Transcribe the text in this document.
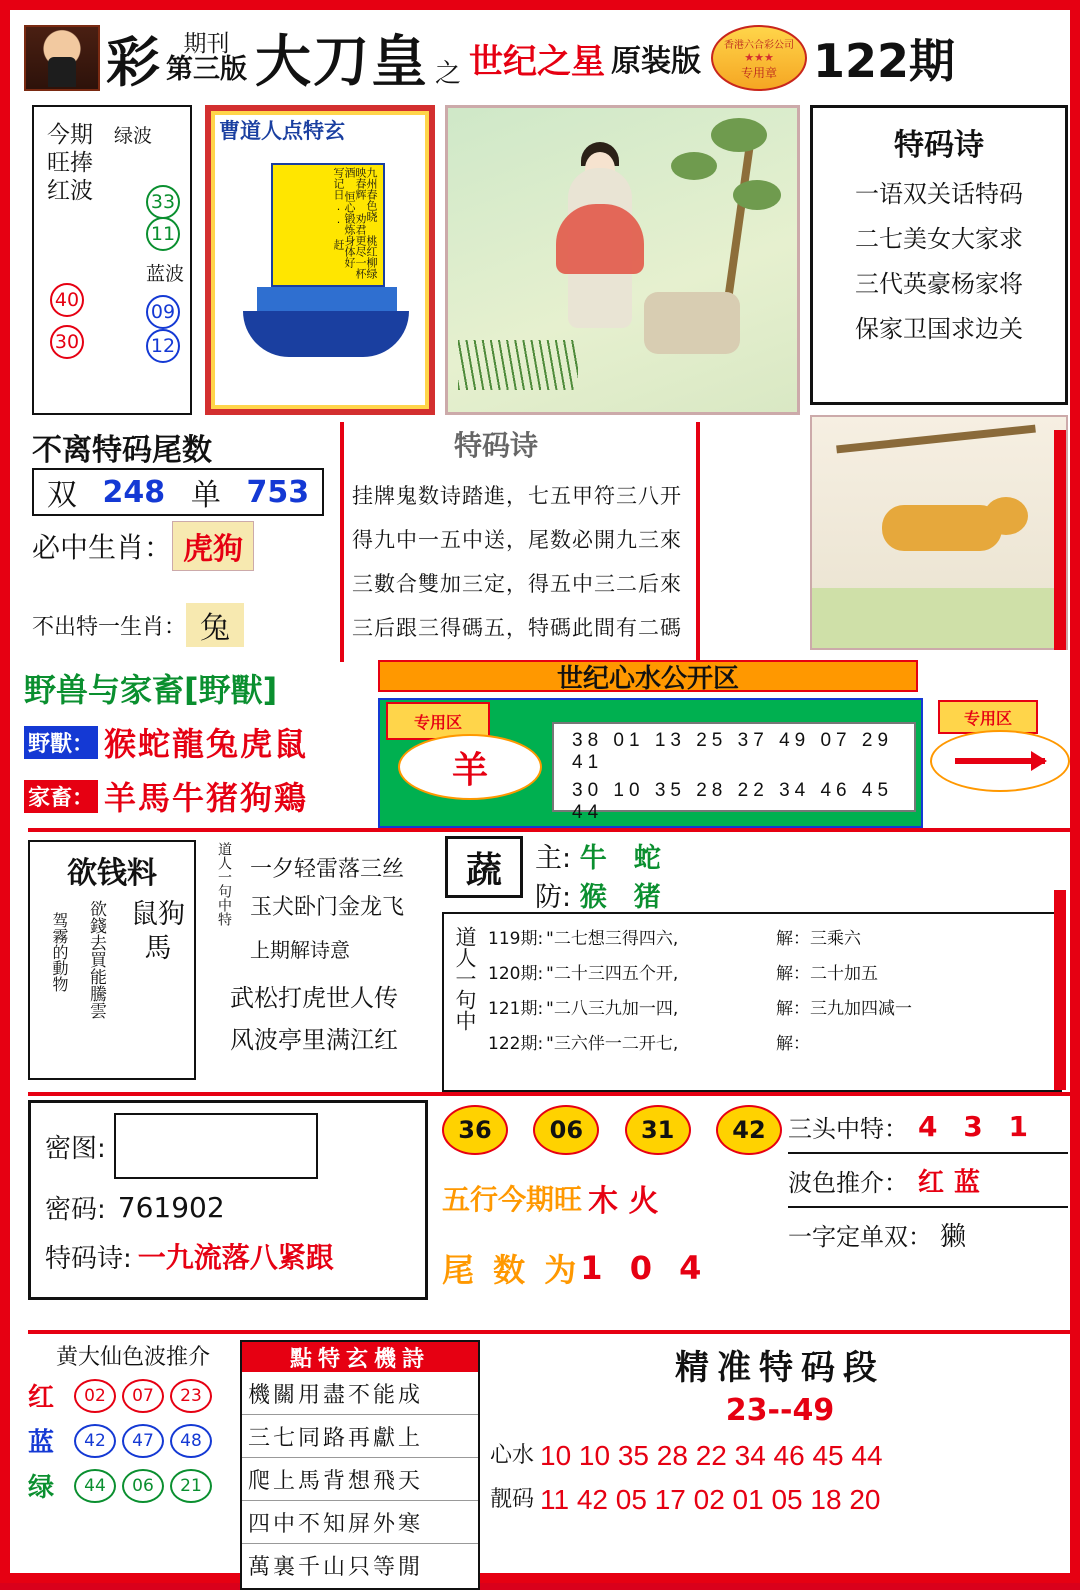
彩	期刊
第三版 大刀皇 之 世纪之星 原装版 香港六合彩公司
★★★
专用章 122期
今期旺捧红波
绿波
33
11
蓝波
09
12
40
30
曹道人点特玄
九州春色晓 桃红柳绿映春辉 劝君更尽一杯酒 恒心锻炼身体好 写记日.. 赶
特码诗

一语双关话特码

二七美女大家求

三代英豪杨家将

保家卫国求边关

不离特码尾数
双 248 单 753
必中生肖： 虎狗
不出特一生肖： 兔
特码诗
挂牌鬼数诗踏進，七五甲符三八开
得九中一五中送，尾数必開九三來
三數合雙加三定，得五中三二后來
三后跟三得碼五，特碼此間有二碼
野兽与家畜[野獸]
野獸： 猴蛇龍兔虎鼠
家畜： 羊馬牛猪狗鶏
世纪心水公开区
专用区
羊
38 01 13 25 37 49 07 29 41
30 10 35 28 22 34 46 45 44
专用区
欲钱料
驾霧的動物 欲錢去買能騰雲 鼠狗馬
道人一句中特 一夕轻雷落三丝
玉犬卧门金龙飞
上期解诗意
武松打虎世人传
风波亭里满江红
蔬 主: 牛　蛇
防: 猴　猪
道人一句中 119期: "二七想三得四六,	解：三乘六
120期: "二十三四五个开,	解：二十加五
121期: "二八三九加一四,	解：三九加四减一
122期: "三六伴一二开七,	解：
密图:
密码: 761902
特码诗: 一九流落八紧跟
36	06	31	42
五行今期旺 木 火
尾 数 为 1 0 4
三头中特： 4 3 1
波色推介： 红 蓝
一字定单双： 獭
黄大仙色波推介
红	02	07	23
蓝	42	47	48
绿	44	06	21
點特玄機詩
機關用盡不能成
三七同路再獻上
爬上馬背想飛天
四中不知屏外寒
萬裏千山只等閒
精准特码段
23--49
心水 10 10 35 28 22 34 46 45 44
靓码 11 42 05 17 02 01 05 18 20
